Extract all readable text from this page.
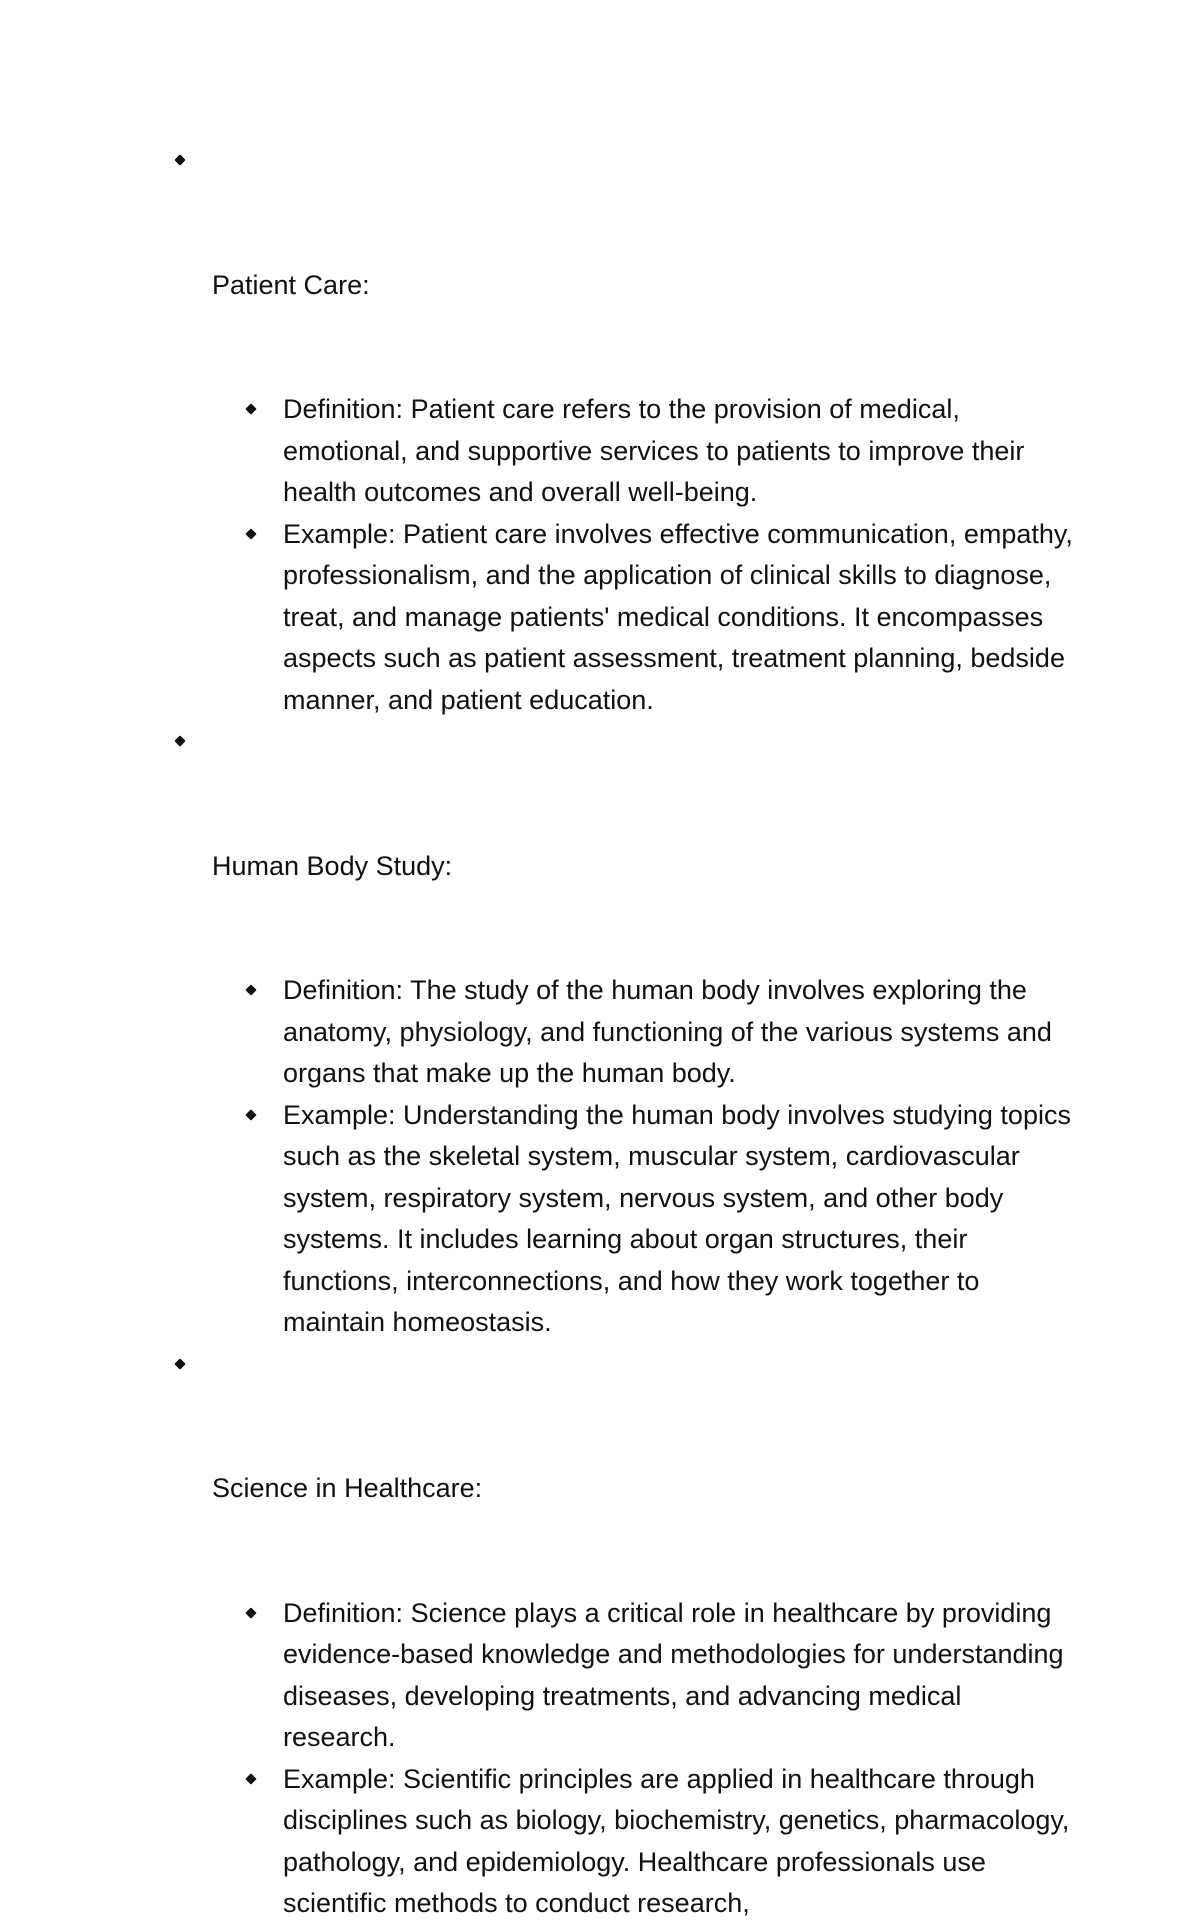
Patient Care:

Definition: Patient care refers to the provision of medical, emotional, and supportive services to patients to improve their health outcomes and overall well-being.
Example: Patient care involves effective communication, empathy, professionalism, and the application of clinical skills to diagnose, treat, and manage patients' medical conditions. It encompasses aspects such as patient assessment, treatment planning, bedside manner, and patient education.

Human Body Study:

Definition: The study of the human body involves exploring the anatomy, physiology, and functioning of the various systems and organs that make up the human body.
Example: Understanding the human body involves studying topics such as the skeletal system, muscular system, cardiovascular system, respiratory system, nervous system, and other body systems. It includes learning about organ structures, their functions, interconnections, and how they work together to maintain homeostasis.

Science in Healthcare:

Definition: Science plays a critical role in healthcare by providing evidence-based knowledge and methodologies for understanding diseases, developing treatments, and advancing medical research.
Example: Scientific principles are applied in healthcare through disciplines such as biology, biochemistry, genetics, pharmacology, pathology, and epidemiology. Healthcare professionals use scientific methods to conduct research,
